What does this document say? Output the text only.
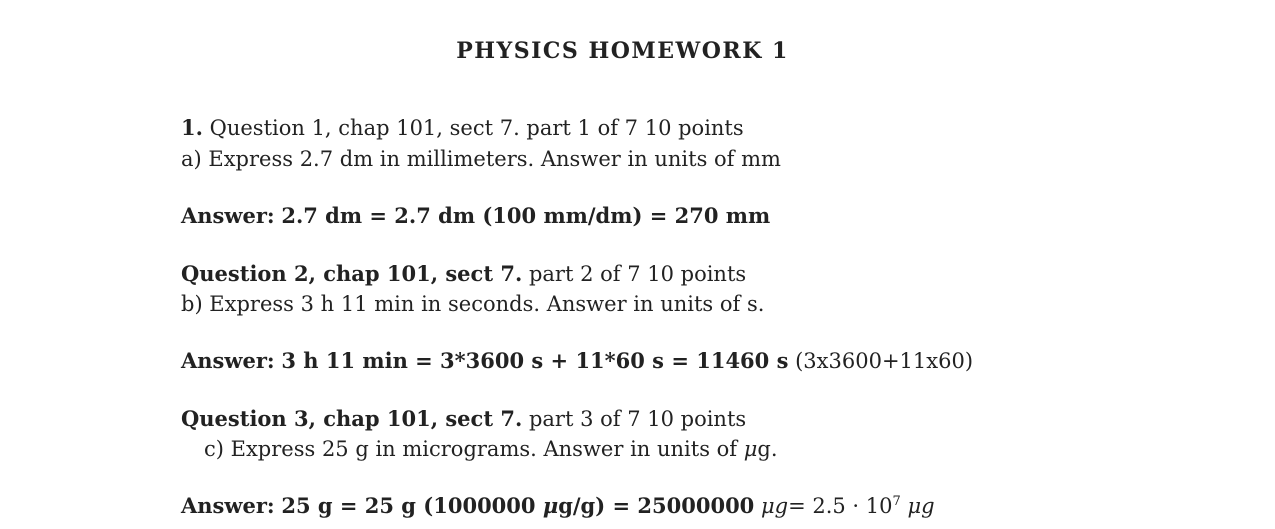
PHYSICS HOMEWORK 1
1. Question 1, chap 101, sect 7. part 1 of 7 10 points
a) Express 2.7 dm in millimeters. Answer in units of mm
Answer: 2.7 dm = 2.7 dm (100 mm/dm) = 270 mm
Question 2, chap 101, sect 7. part 2 of 7 10 points
b) Express 3 h 11 min in seconds. Answer in units of s.
Answer: 3 h 11 min = 3*3600 s + 11*60 s = 11460 s (3x3600+11x60)
Question 3, chap 101, sect 7. part 3 of 7 10 points
c) Express 25 g in micrograms. Answer in units of μg.
Answer: 25 g = 25 g (1000000 μg/g) = 25000000 $\mu g= 2.5 \cdot 10^7$ μg
